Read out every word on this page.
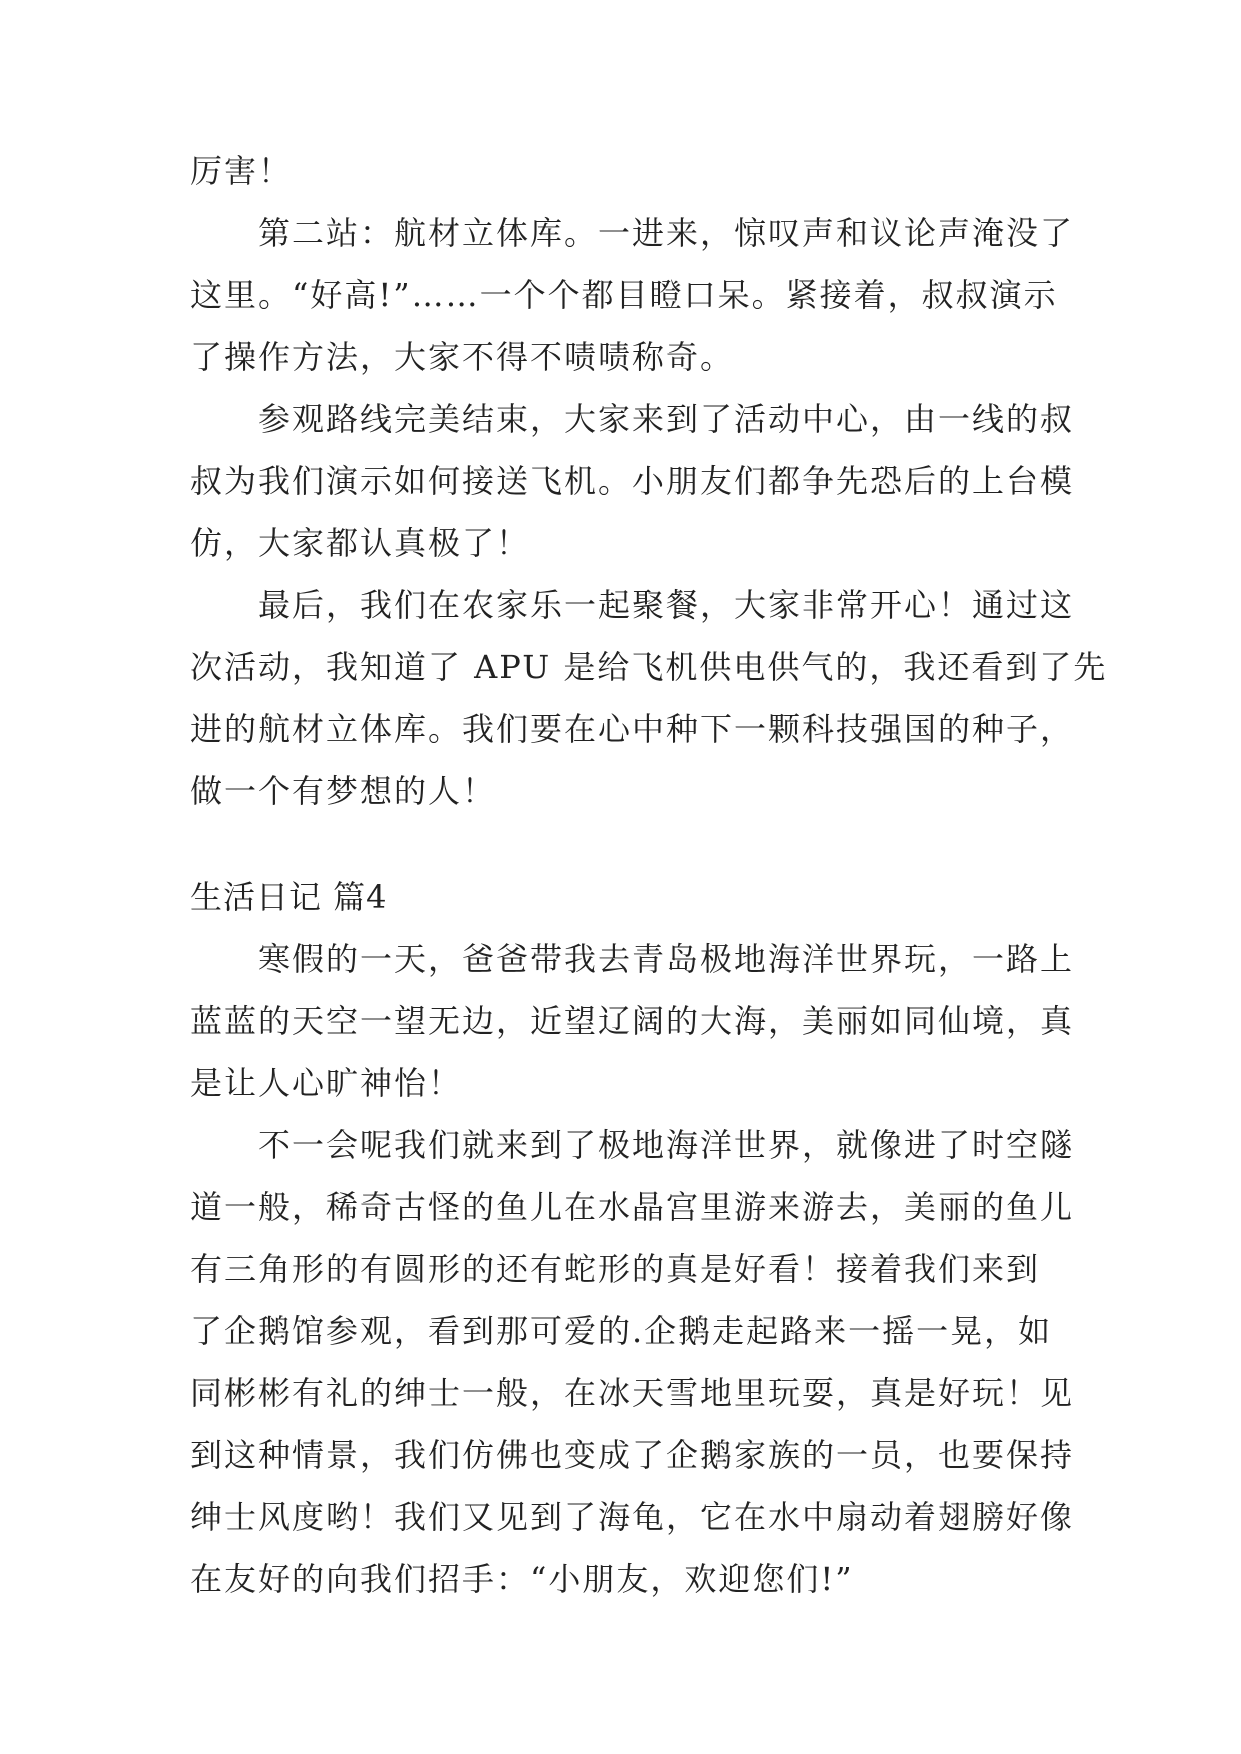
厉害！
第二站：航材立体库。一进来，惊叹声和议论声淹没了
这里。“好高!”……一个个都目瞪口呆。紧接着，叔叔演示
了操作方法，大家不得不啧啧称奇。
参观路线完美结束，大家来到了活动中心，由一线的叔
叔为我们演示如何接送飞机。小朋友们都争先恐后的上台模
仿，大家都认真极了！
最后，我们在农家乐一起聚餐，大家非常开心！通过这
次活动，我知道了 APU 是给飞机供电供气的，我还看到了先
进的航材立体库。我们要在心中种下一颗科技强国的种子，
做一个有梦想的人！
生活日记 篇4
寒假的一天，爸爸带我去青岛极地海洋世界玩，一路上
蓝蓝的天空一望无边，近望辽阔的大海，美丽如同仙境，真
是让人心旷神怡！
不一会呢我们就来到了极地海洋世界，就像进了时空隧
道一般，稀奇古怪的鱼儿在水晶宫里游来游去，美丽的鱼儿
有三角形的有圆形的还有蛇形的真是好看！接着我们来到
了企鹅馆参观，看到那可爱的.企鹅走起路来一摇一晃，如
同彬彬有礼的绅士一般，在冰天雪地里玩耍，真是好玩！见
到这种情景，我们仿佛也变成了企鹅家族的一员，也要保持
绅士风度哟！我们又见到了海龟，它在水中扇动着翅膀好像
在友好的向我们招手：“小朋友，欢迎您们!”
